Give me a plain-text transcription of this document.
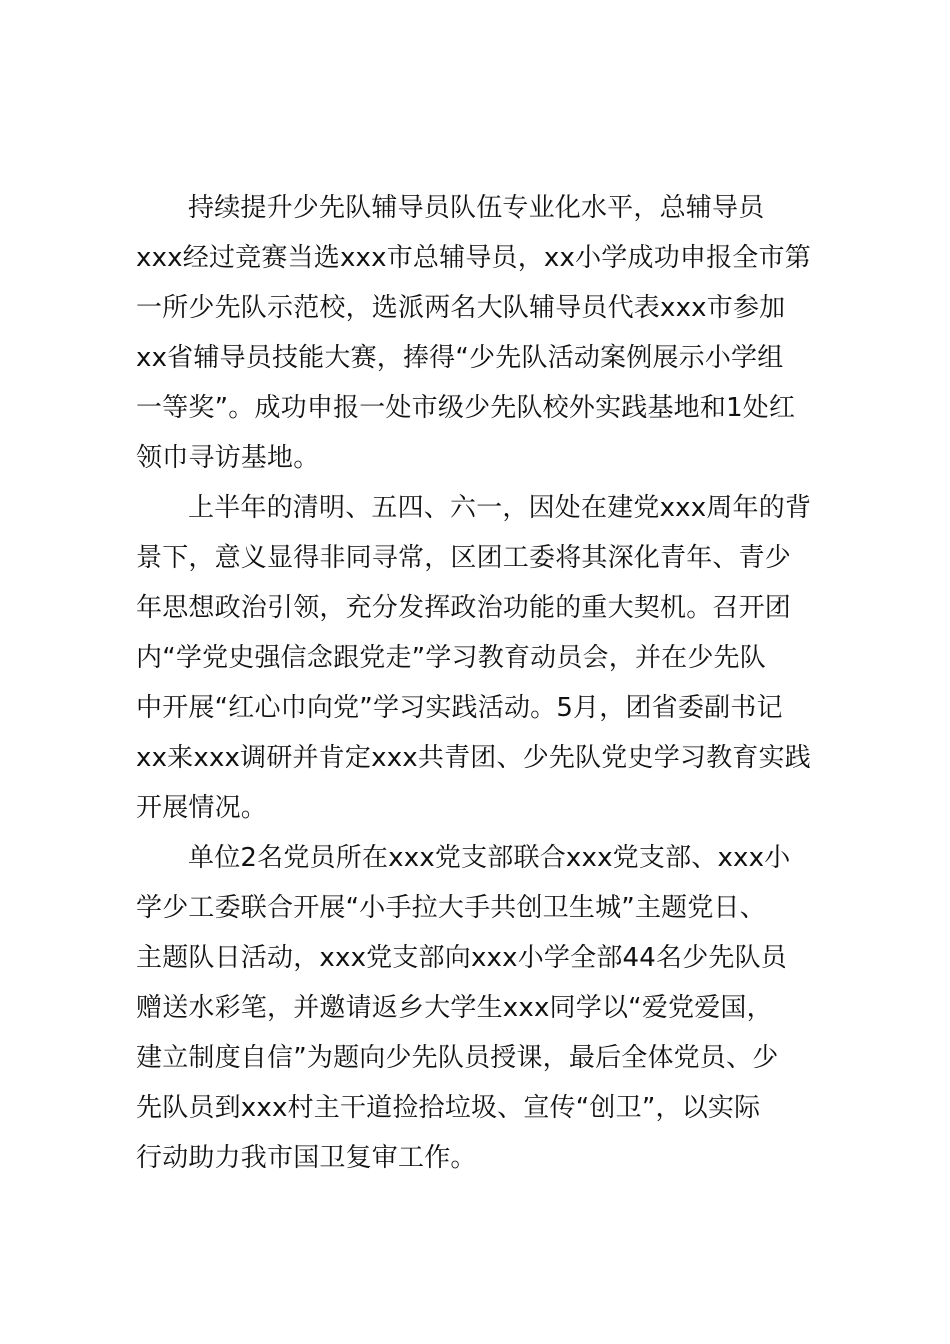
持续提升少先队辅导员队伍专业化水平，总辅导员
xxx经过竞赛当选xxx市总辅导员，xx小学成功申报全市第
一所少先队示范校，选派两名大队辅导员代表xxx市参加
xx省辅导员技能大赛，捧得“少先队活动案例展示小学组
一等奖”。成功申报一处市级少先队校外实践基地和1处红
领巾寻访基地。
上半年的清明、五四、六一，因处在建党xxx周年的背
景下，意义显得非同寻常，区团工委将其深化青年、青少
年思想政治引领，充分发挥政治功能的重大契机。召开团
内“学党史强信念跟党走”学习教育动员会，并在少先队
中开展“红心巾向党”学习实践活动。5月，团省委副书记
xx来xxx调研并肯定xxx共青团、少先队党史学习教育实践
开展情况。
单位2名党员所在xxx党支部联合xxx党支部、xxx小
学少工委联合开展“小手拉大手共创卫生城”主题党日、
主题队日活动，xxx党支部向xxx小学全部44名少先队员
赠送水彩笔，并邀请返乡大学生xxx同学以“爱党爱国，
建立制度自信”为题向少先队员授课，最后全体党员、少
先队员到xxx村主干道捡拾垃圾、宣传“创卫”，以实际
行动助力我市国卫复审工作。
